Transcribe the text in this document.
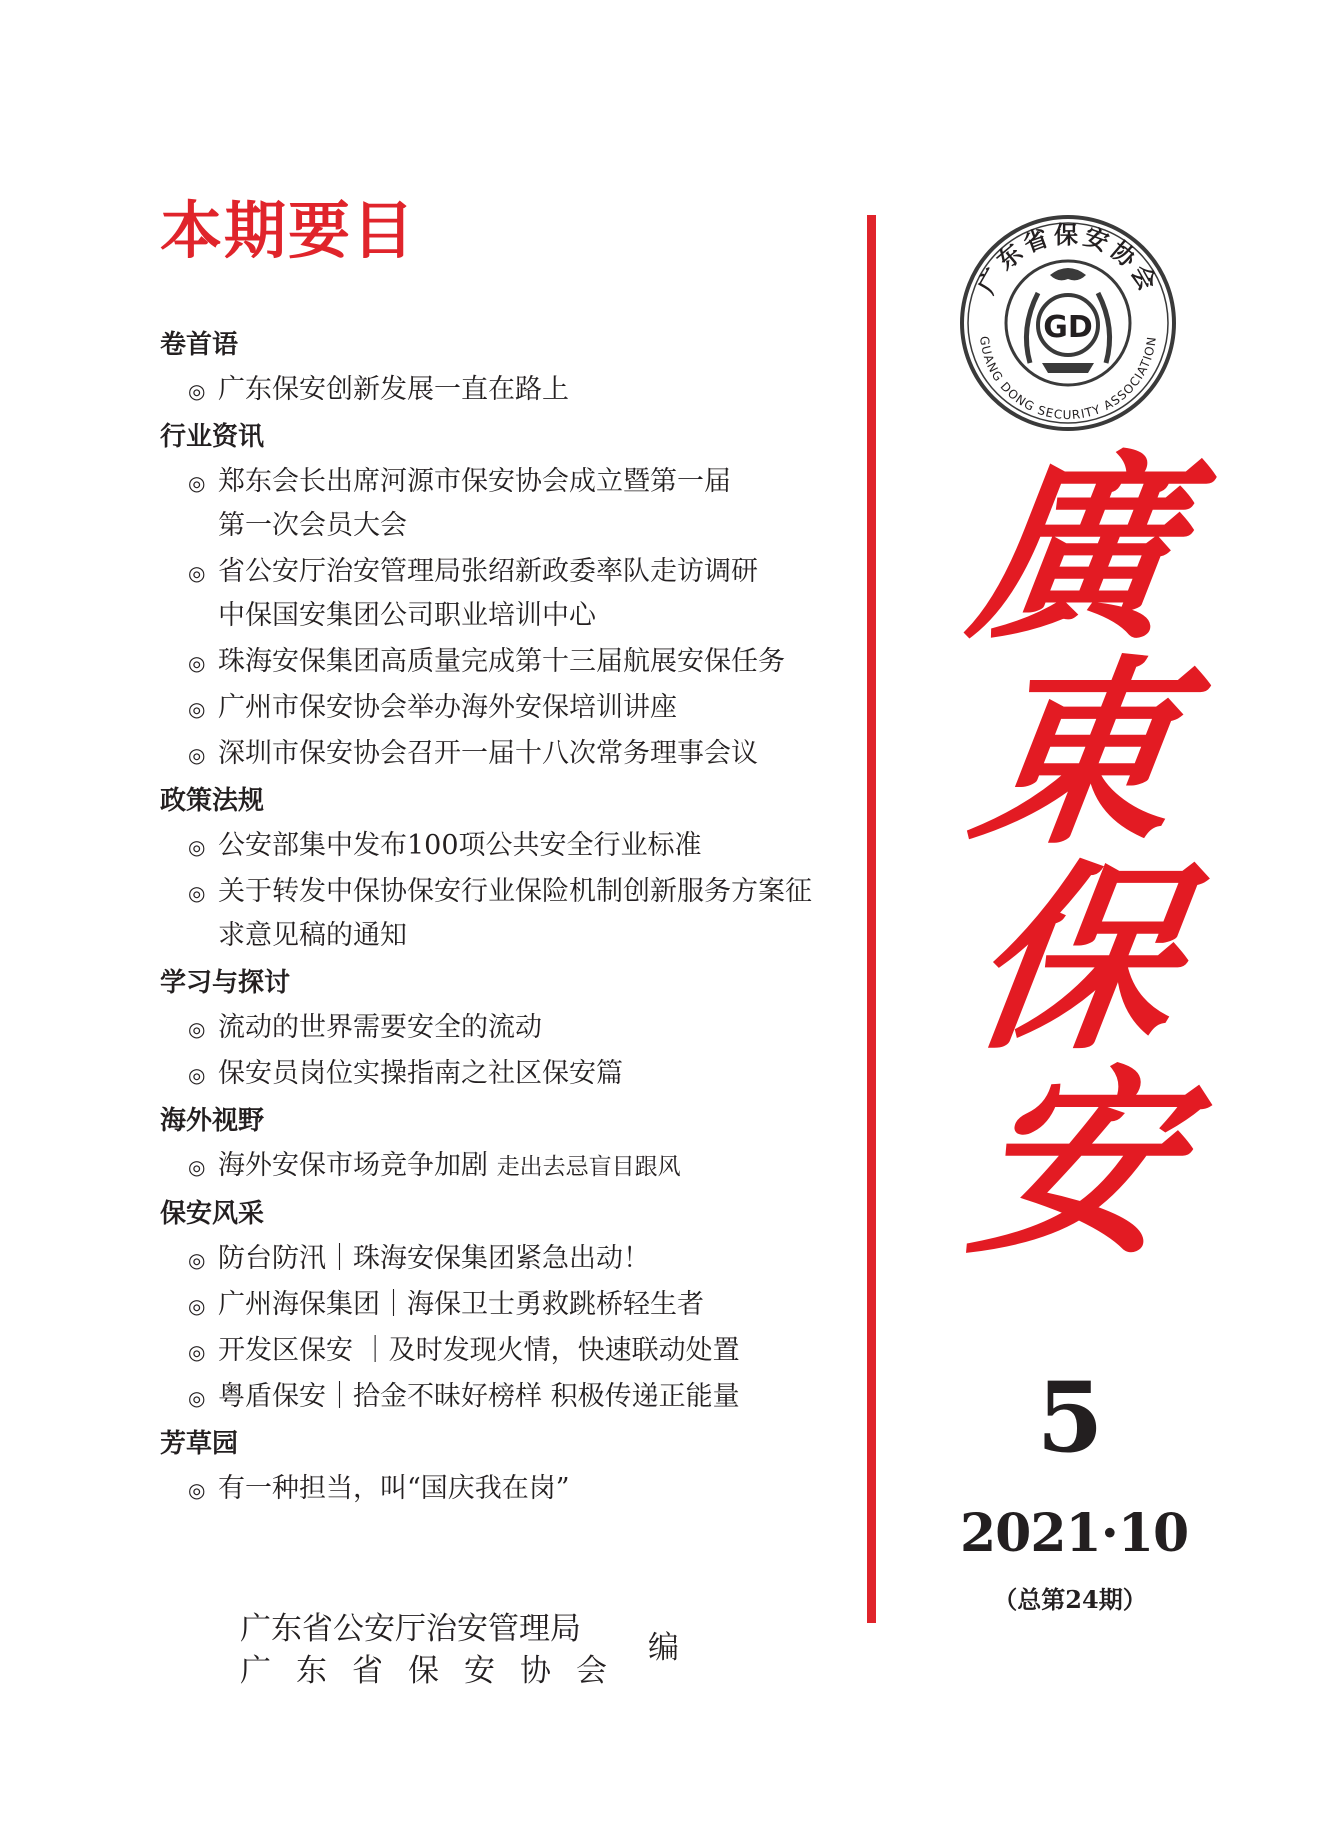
本期要目
卷首语
◎ 广东保安创新发展一直在路上
行业资讯
◎ 郑东会长出席河源市保安协会成立暨第一届
第一次会员大会
◎ 省公安厅治安管理局张绍新政委率队走访调研
中保国安集团公司职业培训中心
◎ 珠海安保集团高质量完成第十三届航展安保任务
◎ 广州市保安协会举办海外安保培训讲座
◎ 深圳市保安协会召开一届十八次常务理事会议
政策法规
◎ 公安部集中发布100项公共安全行业标准
◎ 关于转发中保协保安行业保险机制创新服务方案征
求意见稿的通知
学习与探讨
◎ 流动的世界需要安全的流动
◎ 保安员岗位实操指南之社区保安篇
海外视野
◎ 海外安保市场竞争加剧 走出去忌盲目跟风
保安风采
◎ 防台防汛｜珠海安保集团紧急出动！
◎ 广州海保集团｜海保卫士勇救跳桥轻生者
◎ 开发区保安 ｜及时发现火情，快速联动处置
◎ 粤盾保安｜拾金不昧好榜样 积极传递正能量
芳草园
◎ 有一种担当，叫“国庆我在岗”
广东省保安协会
GUANG DONG SECURITY ASSOCIATION
GD
廣
東
保
安
5
2021·10
（总第24期）
广东省公安厅治安管理局
广东省保安协会
编
